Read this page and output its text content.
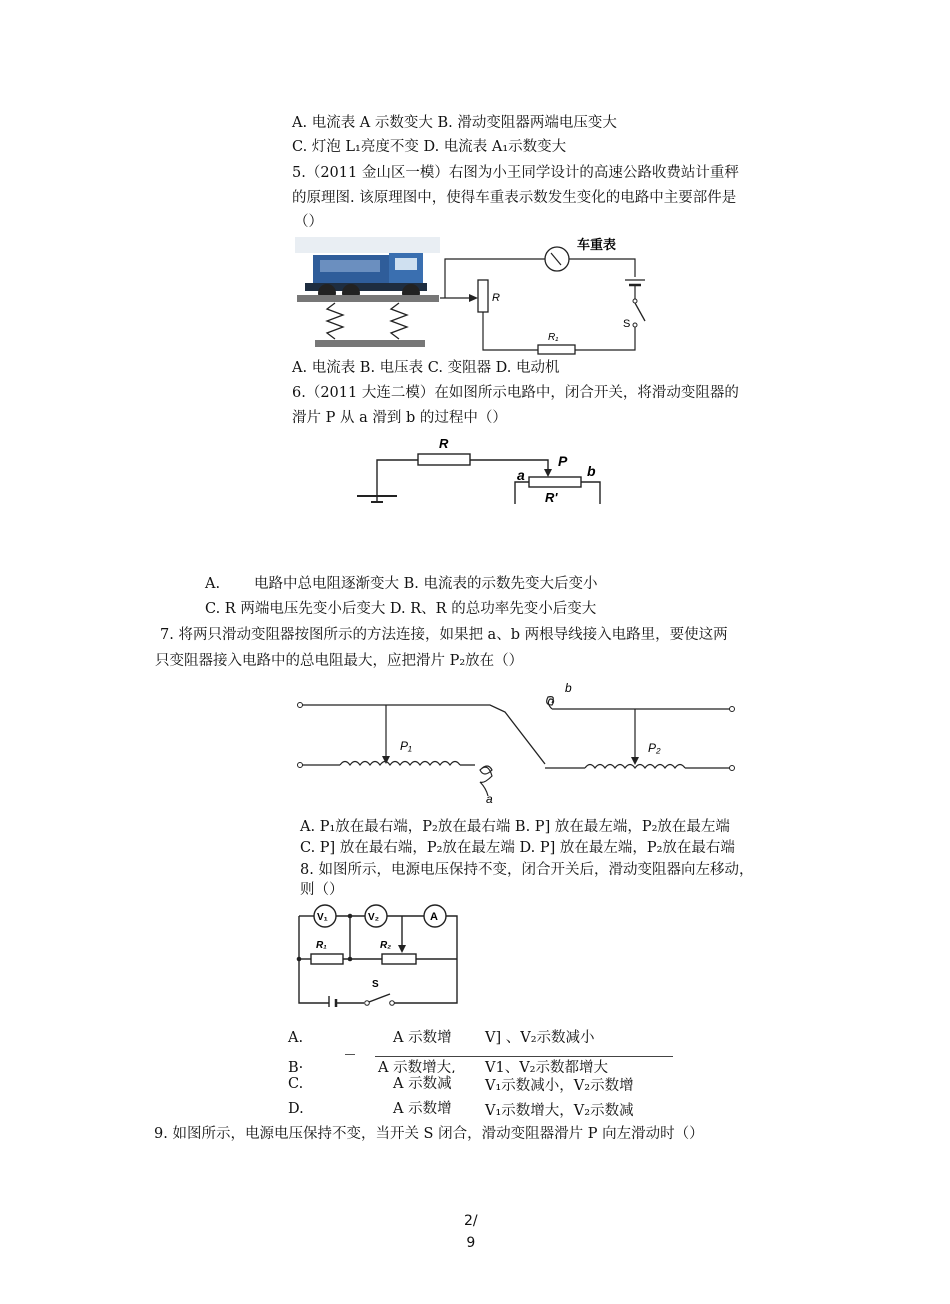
A. 电流表 A 示数变大 B. 滑动变阻器两端电压变大
C. 灯泡 L₁亮度不变 D. 电流表 A₁示数变大
5.（2011 金山区一模）右图为小王同学设计的高速公路收费站计重秤
的原理图. 该原理图中，使得车重表示数发生变化的电路中主要部件是
（）
R
车重表
S
R₁
A. 电流表 B. 电压表 C. 变阻器 D. 电动机
6.（2011 大连二模）在如图所示电路中，闭合开关，将滑动变阻器的
滑片 P 从 a 滑到 b 的过程中（）
R
P
a	b
R'
A. 电路中总电阻逐渐变大 B. 电流表的示数先变大后变小
C. R 两端电压先变小后变大 D. R、R 的总功率先变小后变大
7. 将两只滑动变阻器按图所示的方法连接，如果把 a、b 两根导线接入电路里，要使这两
只变阻器接入电路中的总电阻最大，应把滑片 P₂放在（）
P₁
a
b
P₂
A. P₁放在最右端，P₂放在最右端 B. P] 放在最左端，P₂放在最左端
C. P] 放在最右端，P₂放在最左端 D. P] 放在最左端，P₂放在最右端
8. 如图所示，电源电压保持不变，闭合开关后，滑动变阻器向左移动，
则（）
V₁	V₂	A
R₁	R₂
S
A.	A 示数增 V] 、V₂示数减小
B·	A 示数增大, V1、V₂示数都增大
C.	A 示数减 V₁示数减小，V₂示数增
D.	A 示数增 V₁示数增大，V₂示数减
9. 如图所示，电源电压保持不变，当开关 S 闭合，滑动变阻器滑片 P 向左滑动时（）
2/
9
